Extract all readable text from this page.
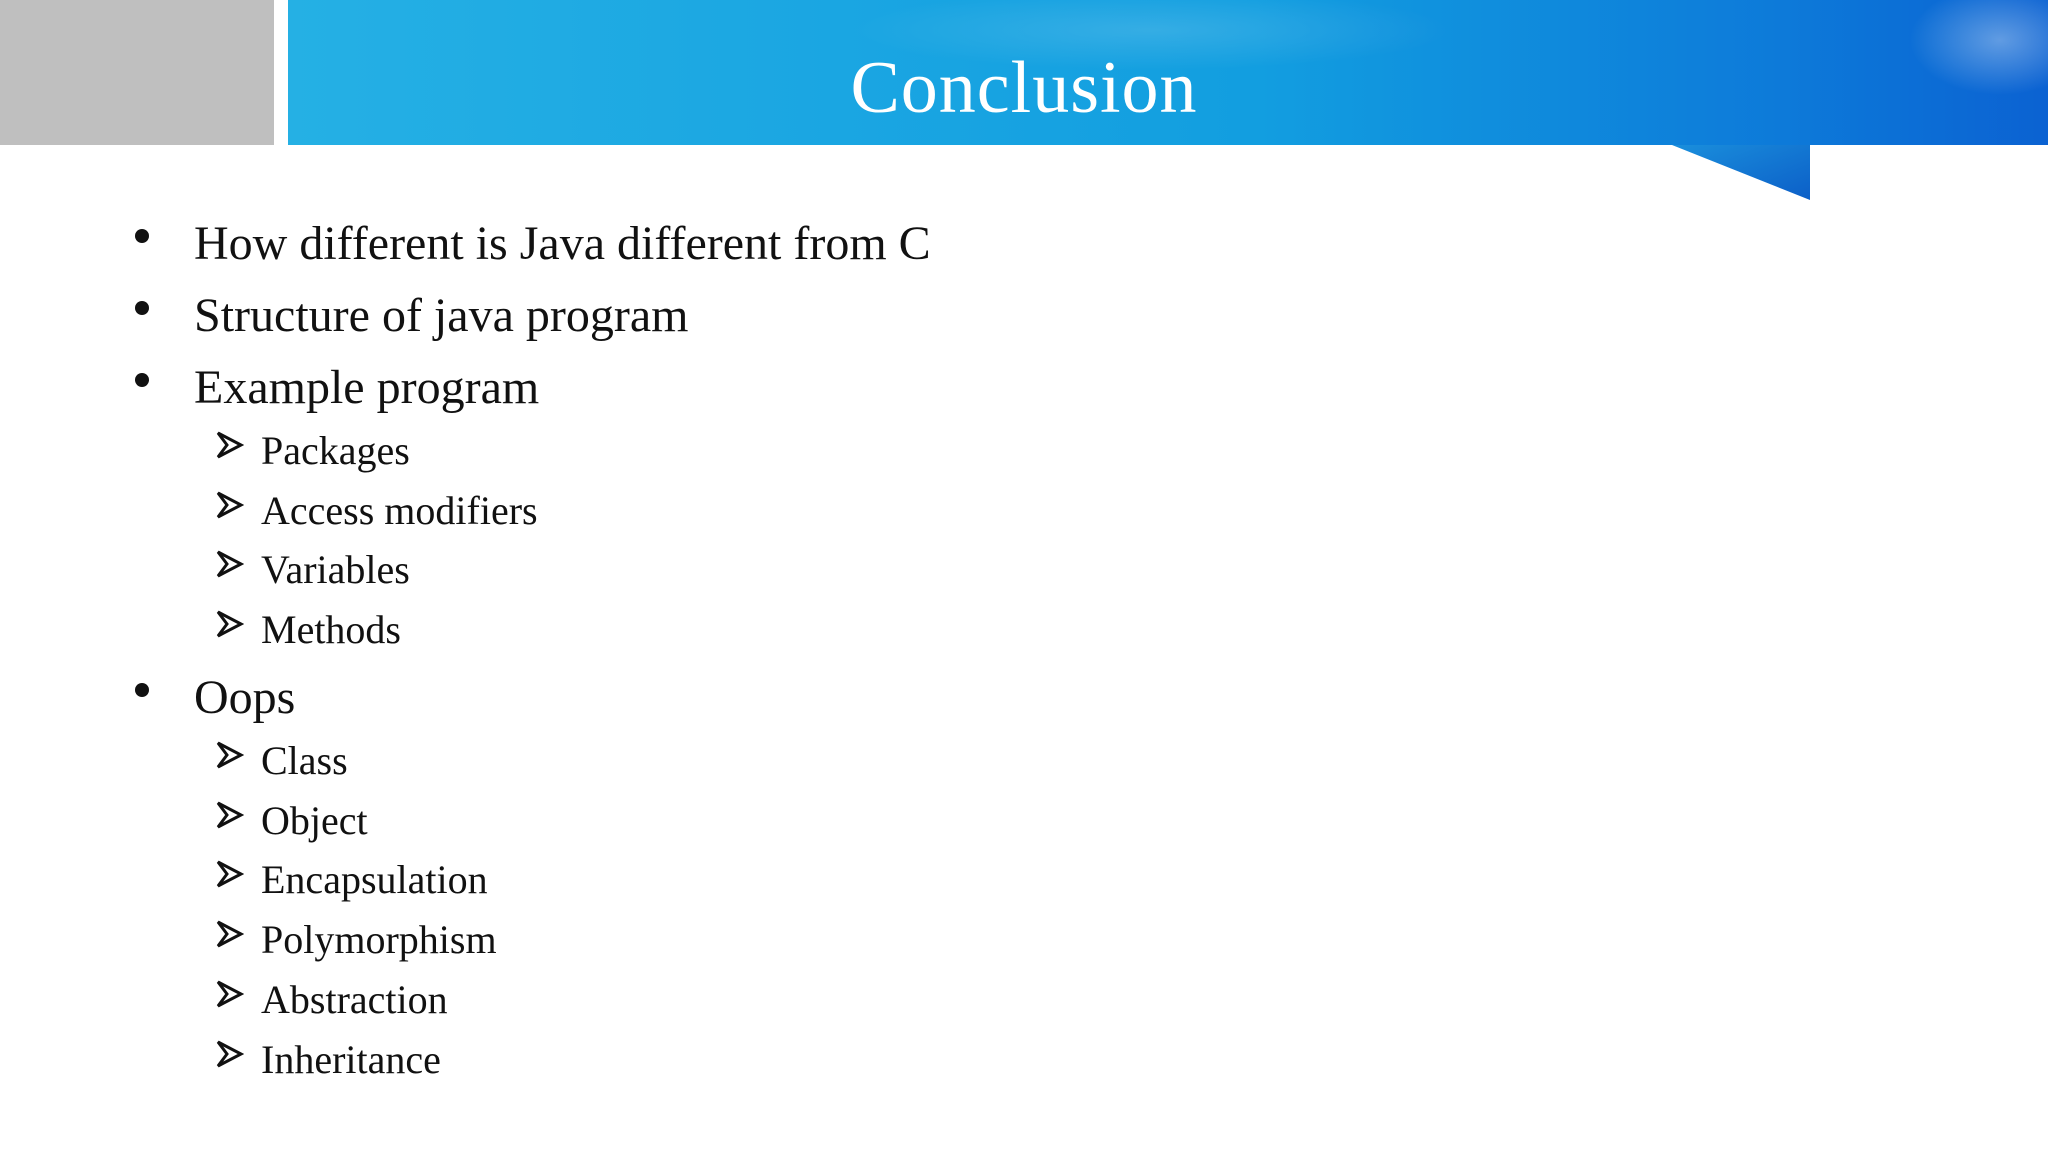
Conclusion
How different is Java different from C
Structure of java program
Example program
Packages
Access modifiers
Variables
Methods
Oops
Class
Object
Encapsulation
Polymorphism
Abstraction
Inheritance
